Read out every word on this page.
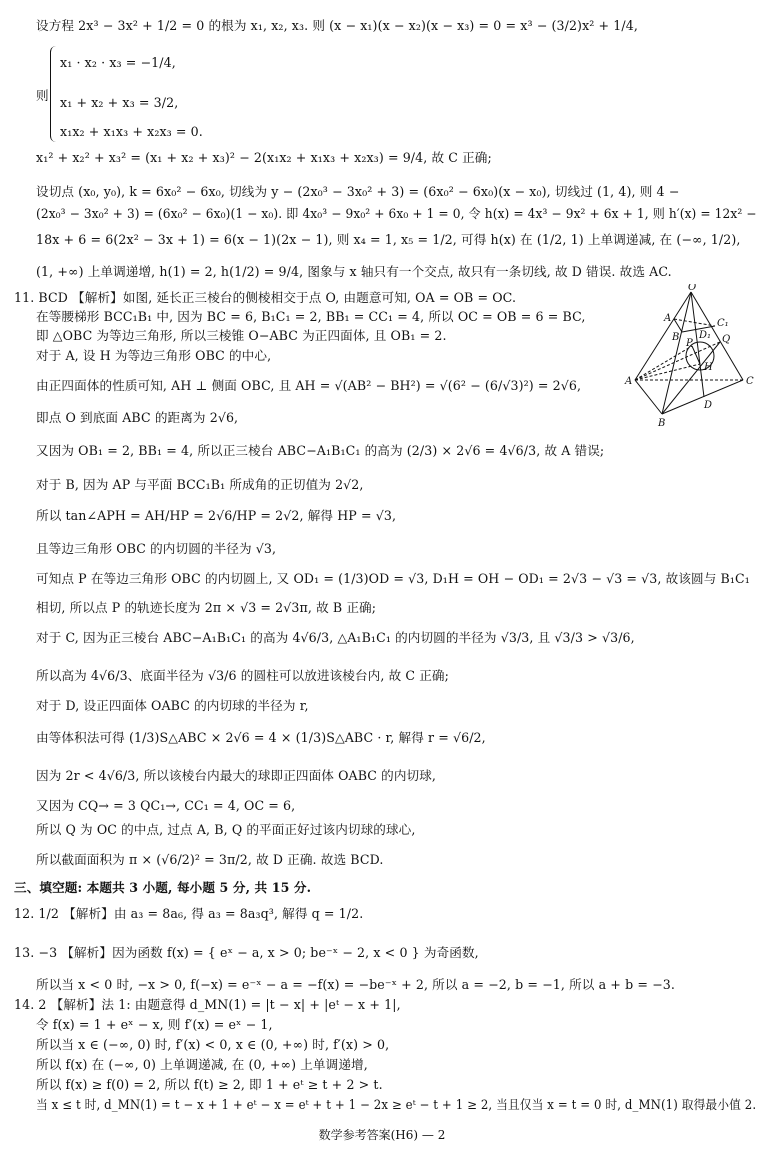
设方程 2x³ − 3x² + 1/2 = 0 的根为 x₁, x₂, x₃. 则 (x − x₁)(x − x₂)(x − x₃) = 0 = x³ − (3/2)x² + 1/4,
x₁ · x₂ · x₃ = −1/4,
则 x₁ + x₂ + x₃ = 3/2,
x₁x₂ + x₁x₃ + x₂x₃ = 0.
x₁² + x₂² + x₃² = (x₁ + x₂ + x₃)² − 2(x₁x₂ + x₁x₃ + x₂x₃) = 9/4, 故 C 正确;
设切点 (x₀, y₀), k = 6x₀² − 6x₀, 切线为 y − (2x₀³ − 3x₀² + 3) = (6x₀² − 6x₀)(x − x₀), 切线过 (1, 4), 则 4 −
(2x₀³ − 3x₀² + 3) = (6x₀² − 6x₀)(1 − x₀). 即 4x₀³ − 9x₀² + 6x₀ + 1 = 0, 令 h(x) = 4x³ − 9x² + 6x + 1, 则 h′(x) = 12x² −
18x + 6 = 6(2x² − 3x + 1) = 6(x − 1)(2x − 1), 则 x₄ = 1, x₅ = 1/2, 可得 h(x) 在 (1/2, 1) 上单调递减, 在 (−∞, 1/2),
(1, +∞) 上单调递增, h(1) = 2, h(1/2) = 9/4, 图象与 x 轴只有一个交点, 故只有一条切线, 故 D 错误. 故选 AC.
11. BCD 【解析】如图, 延长正三棱台的侧棱相交于点 O, 由题意可知, OA = OB = OC.
在等腰梯形 BCC₁B₁ 中, 因为 BC = 6, B₁C₁ = 2, BB₁ = CC₁ = 4, 所以 OC = OB = 6 = BC,
即 △OBC 为等边三角形, 所以三棱锥 O−ABC 为正四面体, 且 OB₁ = 2.
对于 A, 设 H 为等边三角形 OBC 的中心,
由正四面体的性质可知, AH ⊥ 侧面 OBC, 且 AH = √(AB² − BH²) = √(6² − (6/√3)²) = 2√6,
即点 O 到底面 ABC 的距离为 2√6,
又因为 OB₁ = 2, BB₁ = 4, 所以正三棱台 ABC−A₁B₁C₁ 的高为 (2/3) × 2√6 = 4√6/3, 故 A 错误;
对于 B, 因为 AP 与平面 BCC₁B₁ 所成角的正切值为 2√2,
所以 tan∠APH = AH/HP = 2√6/HP = 2√2, 解得 HP = √3,
且等边三角形 OBC 的内切圆的半径为 √3,
可知点 P 在等边三角形 OBC 的内切圆上, 又 OD₁ = (1/3)OD = √3, D₁H = OH − OD₁ = 2√3 − √3 = √3, 故该圆与 B₁C₁
相切, 所以点 P 的轨迹长度为 2π × √3 = 2√3π, 故 B 正确;
对于 C, 因为正三棱台 ABC−A₁B₁C₁ 的高为 4√6/3, △A₁B₁C₁ 的内切圆的半径为 √3/3, 且 √3/3 > √3/6,
所以高为 4√6/3、底面半径为 √3/6 的圆柱可以放进该棱台内, 故 C 正确;
对于 D, 设正四面体 OABC 的内切球的半径为 r,
由等体积法可得 (1/3)S△ABC × 2√6 = 4 × (1/3)S△ABC · r, 解得 r = √6/2,
因为 2r < 4√6/3, 所以该棱台内最大的球即正四面体 OABC 的内切球,
又因为 CQ→ = 3 QC₁→, CC₁ = 4, OC = 6,
所以 Q 为 OC 的中点, 过点 A, B, Q 的平面正好过该内切球的球心,
所以截面面积为 π × (√6/2)² = 3π/2, 故 D 正确. 故选 BCD.
三、填空题: 本题共 3 小题, 每小题 5 分, 共 15 分.
12. 1/2 【解析】由 a₃ = 8a₆, 得 a₃ = 8a₃q³, 解得 q = 1/2.
13. −3 【解析】因为函数 f(x) = { eˣ − a, x > 0; be⁻ˣ − 2, x < 0 } 为奇函数,
所以当 x < 0 时, −x > 0, f(−x) = e⁻ˣ − a = −f(x) = −be⁻ˣ + 2, 所以 a = −2, b = −1, 所以 a + b = −3.
14. 2 【解析】法 1: 由题意得 d_MN(1) = |t − x| + |eᵗ − x + 1|,
令 f(x) = 1 + eˣ − x, 则 f′(x) = eˣ − 1,
所以当 x ∈ (−∞, 0) 时, f′(x) < 0, x ∈ (0, +∞) 时, f′(x) > 0,
所以 f(x) 在 (−∞, 0) 上单调递减, 在 (0, +∞) 上单调递增,
所以 f(x) ≥ f(0) = 2, 所以 f(t) ≥ 2, 即 1 + eᵗ ≥ t + 2 > t.
当 x ≤ t 时, d_MN(1) = t − x + 1 + eᵗ − x = eᵗ + t + 1 − 2x ≥ eᵗ − t + 1 ≥ 2, 当且仅当 x = t = 0 时, d_MN(1) 取得最小值 2.
O
A	C₁
Q
B D₁
P
H
A	C
D
B
数学参考答案(H6) — 2
